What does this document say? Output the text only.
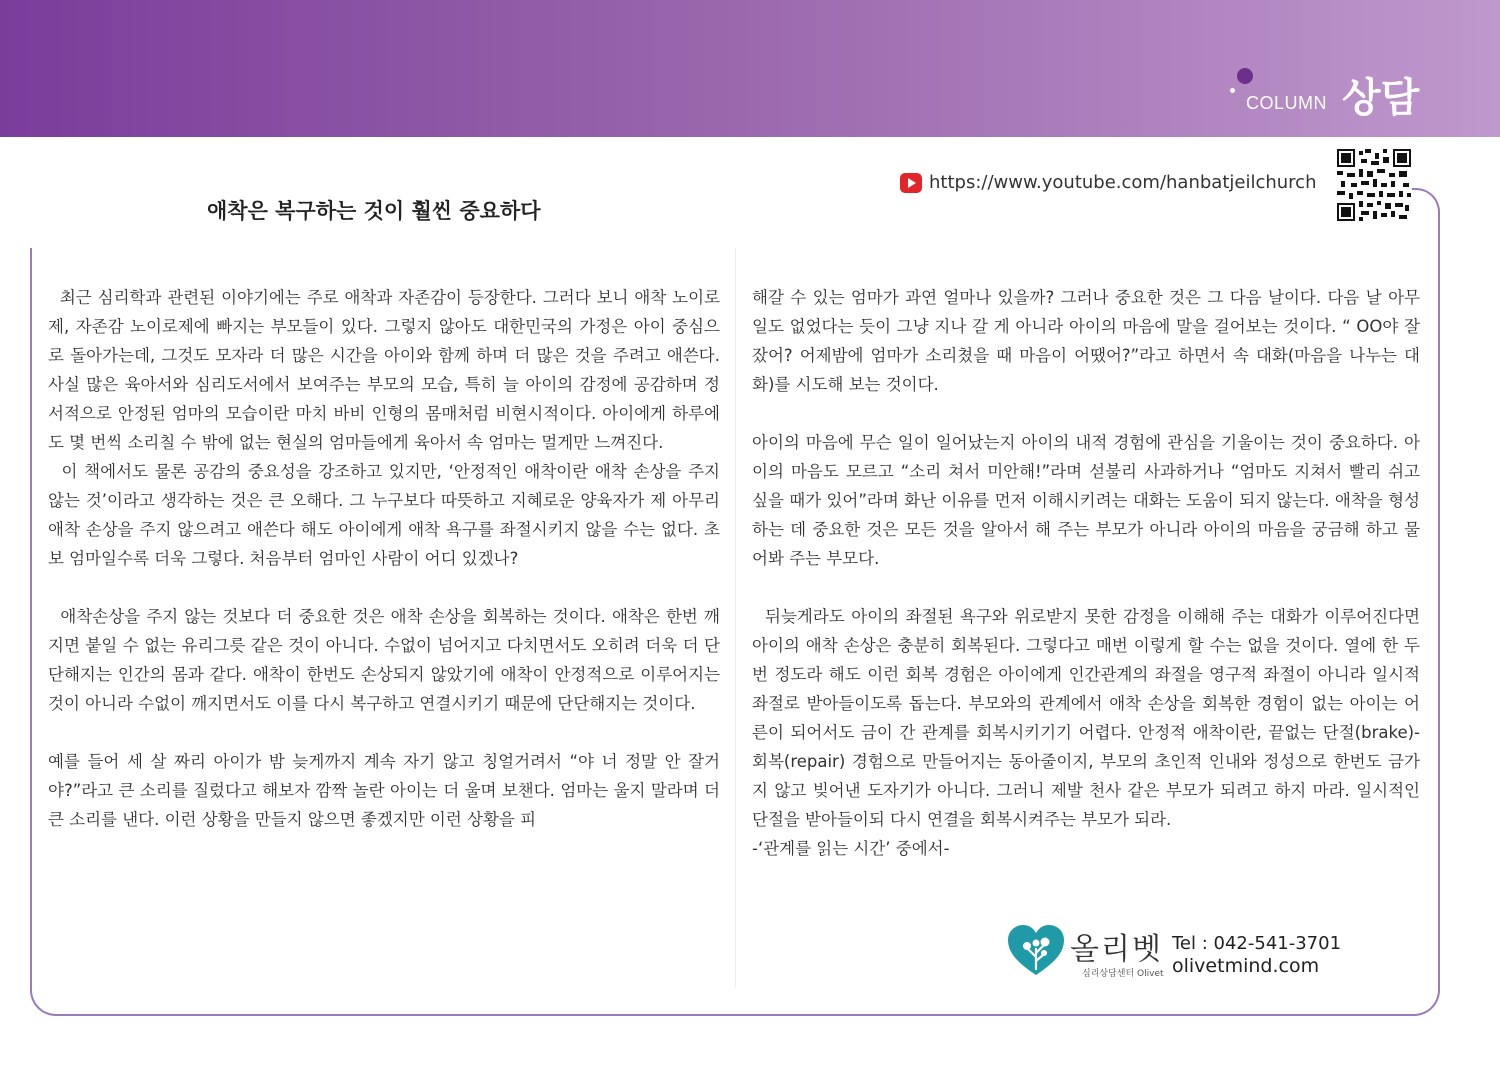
COLUMN 상담
https://www.youtube.com/hanbatjeilchurch
애착은 복구하는 것이 훨씬 중요하다

최근 심리학과 관련된 이야기에는 주로 애착과 자존감이 등장한다. 그러다 보니 애착 노이로제, 자존감 노이로제에 빠지는 부모들이 있다. 그렇지 않아도 대한민국의 가정은 아이 중심으로 돌아가는데, 그것도 모자라 더 많은 시간을 아이와 함께 하며 더 많은 것을 주려고 애쓴다. 사실 많은 육아서와 심리도서에서 보여주는 부모의 모습, 특히 늘 아이의 감정에 공감하며 정서적으로 안정된 엄마의 모습이란 마치 바비 인형의 몸매처럼 비현시적이다. 아이에게 하루에도 몇 번씩 소리칠 수 밖에 없는 현실의 엄마들에게 육아서 속 엄마는 멀게만 느껴진다.

이 책에서도 물론 공감의 중요성을 강조하고 있지만, ‘안정적인 애착이란 애착 손상을 주지 않는 것’이라고 생각하는 것은 큰 오해다. 그 누구보다 따뜻하고 지혜로운 양육자가 제 아무리 애착 손상을 주지 않으려고 애쓴다 해도 아이에게 애착 욕구를 좌절시키지 않을 수는 없다. 초보 엄마일수록 더욱 그렇다. 처음부터 엄마인 사람이 어디 있겠나?

애착손상을 주지 않는 것보다 더 중요한 것은 애착 손상을 회복하는 것이다. 애착은 한번 깨지면 붙일 수 없는 유리그릇 같은 것이 아니다. 수없이 넘어지고 다치면서도 오히려 더욱 더 단단해지는 인간의 몸과 같다. 애착이 한번도 손상되지 않았기에 애착이 안정적으로 이루어지는 것이 아니라 수없이 깨지면서도 이를 다시 복구하고 연결시키기 때문에 단단해지는 것이다.

예를 들어 세 살 짜리 아이가 밤 늦게까지 계속 자기 않고 칭얼거려서 “야 너 정말 안 잘거야?”라고 큰 소리를 질렀다고 해보자 깜짝 놀란 아이는 더 울며 보챈다. 엄마는 울지 말라며 더 큰 소리를 낸다. 이런 상황을 만들지 않으면 좋겠지만 이런 상황을 피

해갈 수 있는 엄마가 과연 얼마나 있을까? 그러나 중요한 것은 그 다음 날이다. 다음 날 아무 일도 없었다는 듯이 그냥 지나 갈 게 아니라 아이의 마음에 말을 걸어보는 것이다. “ OO야 잘 잤어? 어제밤에 엄마가 소리쳤을 때 마음이 어땠어?”라고 하면서 속 대화(마음을 나누는 대화)를 시도해 보는 것이다.

아이의 마음에 무슨 일이 일어났는지 아이의 내적 경험에 관심을 기울이는 것이 중요하다. 아이의 마음도 모르고 “소리 쳐서 미안해!”라며 섣불리 사과하거나 “엄마도 지쳐서 빨리 쉬고 싶을 때가 있어”라며 화난 이유를 먼저 이해시키려는 대화는 도움이 되지 않는다. 애착을 형성하는 데 중요한 것은 모든 것을 알아서 해 주는 부모가 아니라 아이의 마음을 궁금해 하고 물어봐 주는 부모다.

뒤늦게라도 아이의 좌절된 욕구와 위로받지 못한 감정을 이해해 주는 대화가 이루어진다면 아이의 애착 손상은 충분히 회복된다. 그렇다고 매번 이렇게 할 수는 없을 것이다. 열에 한 두번 정도라 해도 이런 회복 경험은 아이에게 인간관계의 좌절을 영구적 좌절이 아니라 일시적 좌절로 받아들이도록 돕는다. 부모와의 관계에서 애착 손상을 회복한 경험이 없는 아이는 어른이 되어서도 금이 간 관계를 회복시키기기 어렵다. 안정적 애착이란, 끝없는 단절(brake)-회복(repair) 경험으로 만들어지는 동아줄이지, 부모의 초인적 인내와 정성으로 한번도 금가지 않고 빚어낸 도자기가 아니다. 그러니 제발 천사 같은 부모가 되려고 하지 마라. 일시적인 단절을 받아들이되 다시 연결을 회복시켜주는 부모가 되라.

-‘관계를 읽는 시간’ 중에서-

올리벳
심리상담센터 Olivet
Tel : 042-541-3701
olivetmind.com
